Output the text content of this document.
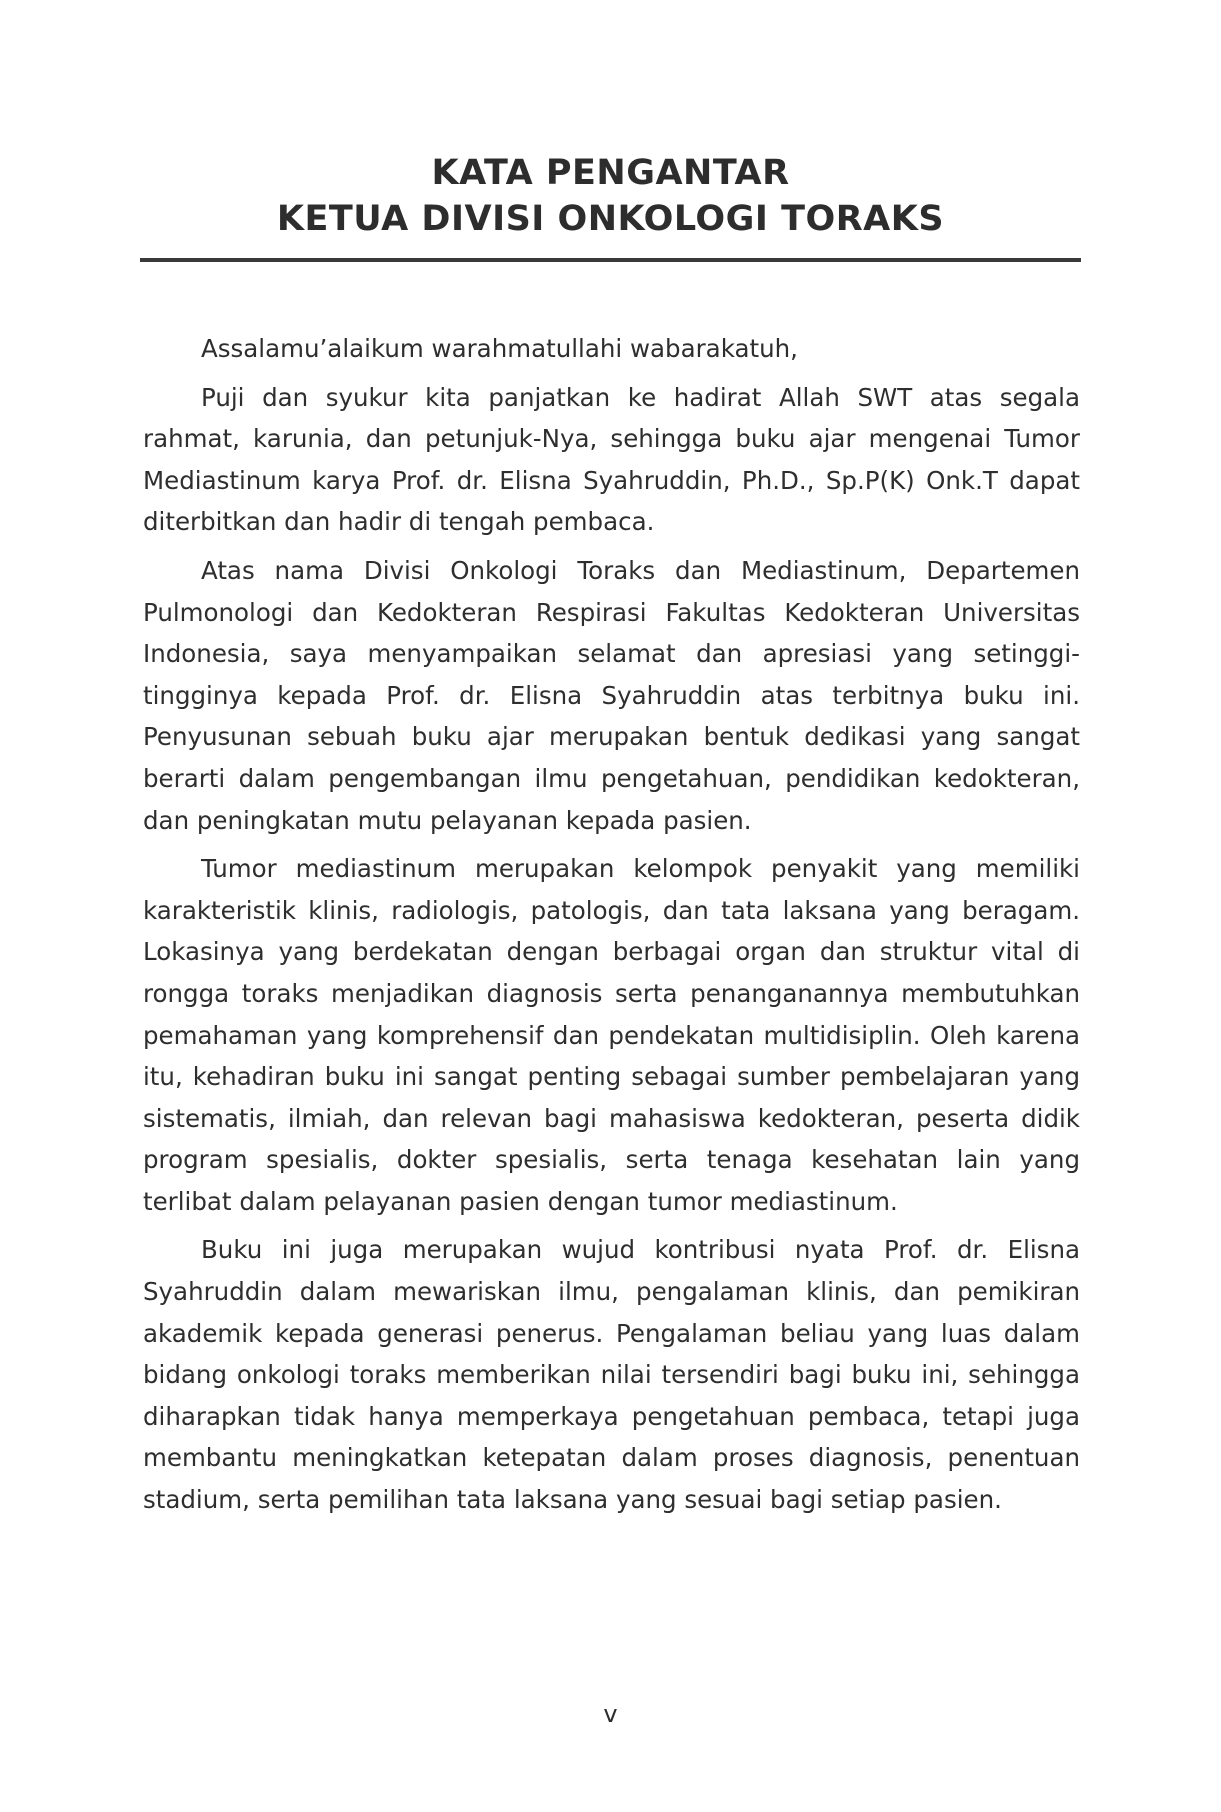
KATA PENGANTAR
KETUA DIVISI ONKOLOGI TORAKS

Assalamu’alaikum warahmatullahi wabarakatuh,

Puji dan syukur kita panjatkan ke hadirat Allah SWT atas segala rahmat, karunia, dan petunjuk-Nya, sehingga buku ajar mengenai Tumor Mediastinum karya Prof. dr. Elisna Syahruddin, Ph.D., Sp.P(K) Onk.T dapat diterbitkan dan hadir di tengah pembaca.

Atas nama Divisi Onkologi Toraks dan Mediastinum, Departemen Pulmonologi dan Kedokteran Respirasi Fakultas Kedokteran Universitas Indonesia, saya menyampaikan selamat dan apresiasi yang setinggi-tingginya kepada Prof. dr. Elisna Syahruddin atas terbitnya buku ini. Penyusunan sebuah buku ajar merupakan bentuk dedikasi yang sangat berarti dalam pengembangan ilmu pengetahuan, pendidikan kedokteran, dan peningkatan mutu pelayanan kepada pasien.

Tumor mediastinum merupakan kelompok penyakit yang memiliki karakteristik klinis, radiologis, patologis, dan tata laksana yang beragam. Lokasinya yang berdekatan dengan berbagai organ dan struktur vital di rongga toraks menjadikan diagnosis serta penanganannya membutuhkan pemahaman yang komprehensif dan pendekatan multidisiplin. Oleh karena itu, kehadiran buku ini sangat penting sebagai sumber pembelajaran yang sistematis, ilmiah, dan relevan bagi mahasiswa kedokteran, peserta didik program spesialis, dokter spesialis, serta tenaga kesehatan lain yang terlibat dalam pelayanan pasien dengan tumor mediastinum.

Buku ini juga merupakan wujud kontribusi nyata Prof. dr. Elisna Syahruddin dalam mewariskan ilmu, pengalaman klinis, dan pemikiran akademik kepada generasi penerus. Pengalaman beliau yang luas dalam bidang onkologi toraks memberikan nilai tersendiri bagi buku ini, sehingga diharapkan tidak hanya memperkaya pengetahuan pembaca, tetapi juga membantu meningkatkan ketepatan dalam proses diagnosis, penentuan stadium, serta pemilihan tata laksana yang sesuai bagi setiap pasien.

v
